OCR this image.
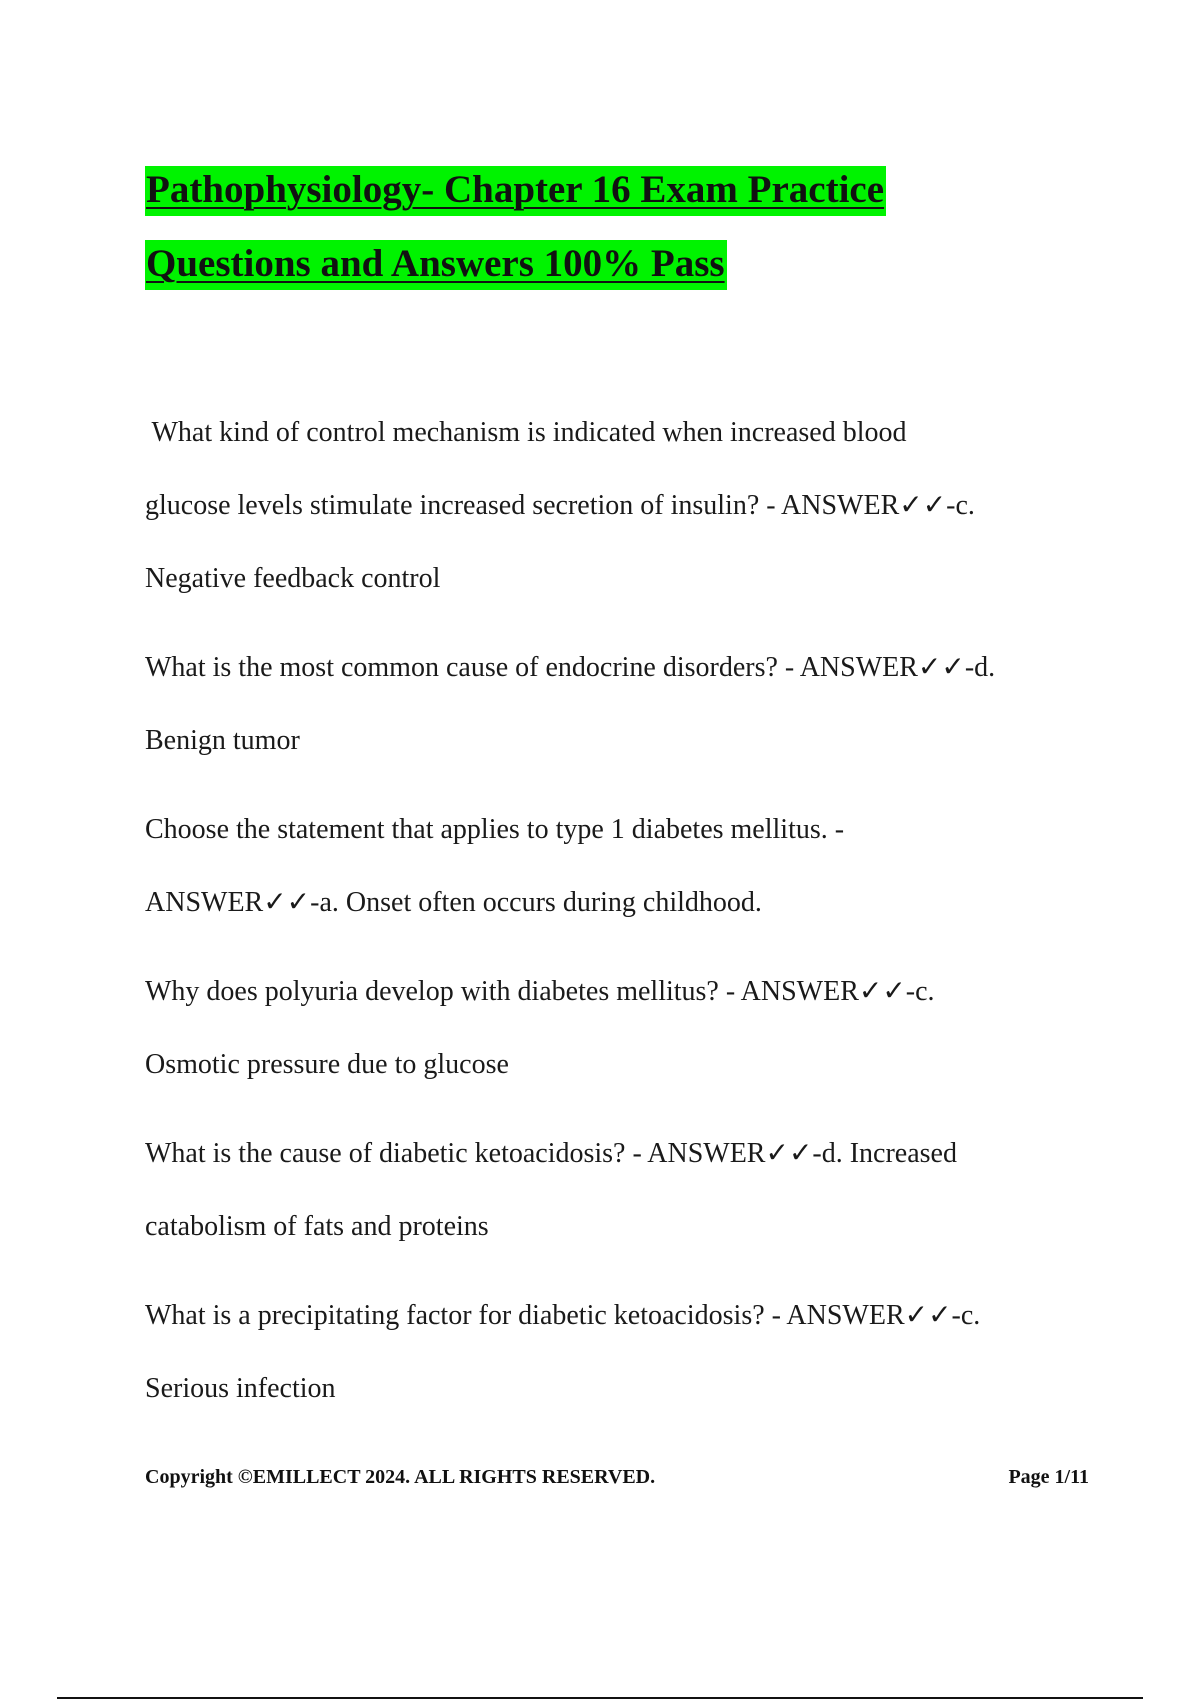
Pathophysiology- Chapter 16 Exam Practice
Questions and Answers 100% Pass

What kind of control mechanism is indicated when increased blood

glucose levels stimulate increased secretion of insulin? - ANSWER✓✓-c.

Negative feedback control

What is the most common cause of endocrine disorders? - ANSWER✓✓-d.

Benign tumor

Choose the statement that applies to type 1 diabetes mellitus. -

ANSWER✓✓-a. Onset often occurs during childhood.

Why does polyuria develop with diabetes mellitus? - ANSWER✓✓-c.

Osmotic pressure due to glucose

What is the cause of diabetic ketoacidosis? - ANSWER✓✓-d. Increased

catabolism of fats and proteins

What is a precipitating factor for diabetic ketoacidosis? - ANSWER✓✓-c.

Serious infection

Copyright ©EMILLECT 2024. ALL RIGHTS RESERVED.	Page 1/11
